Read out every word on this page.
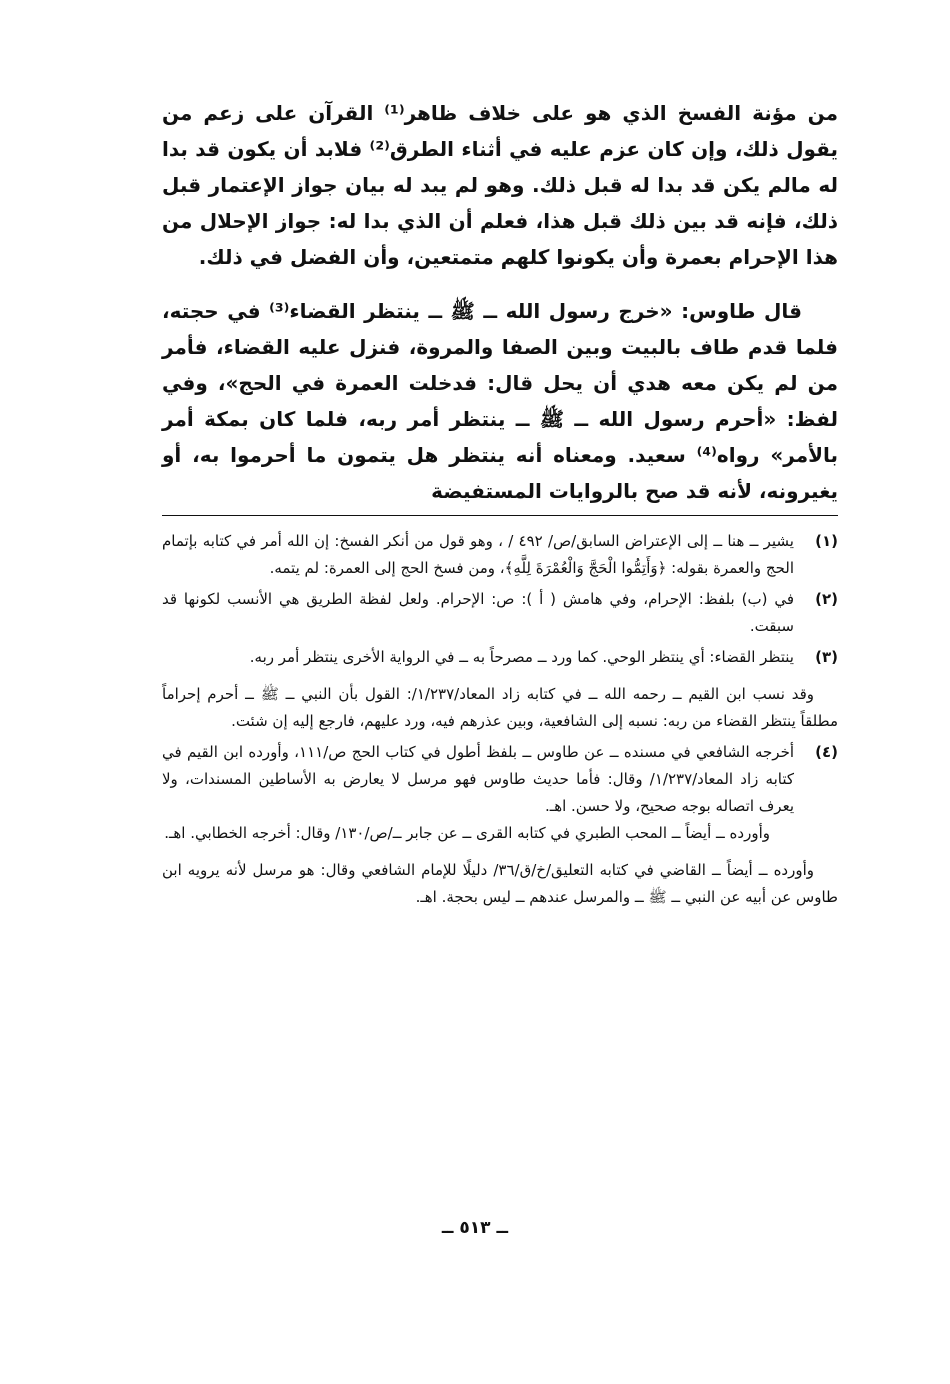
من مؤنة الفسخ الذي هو على خلاف ظاهر⁽¹⁾ القرآن على زعم من يقول ذلك، وإن كان عزم عليه في أثناء الطرق⁽²⁾ فلابد أن يكون قد بدا له مالم يكن قد بدا له قبل ذلك. وهو لم يبد له بيان جواز الإعتمار قبل ذلك، فإنه قد بين ذلك قبل هذا، فعلم أن الذي بدا له: جواز الإحلال من هذا الإحرام بعمرة وأن يكونوا كلهم متمتعين، وأن الفضل في ذلك.

قال طاوس: «خرج رسول الله ــ ﷺ ــ ينتظر القضاء⁽³⁾ في حجته، فلما قدم طاف بالبيت وبين الصفا والمروة، فنزل عليه القضاء، فأمر من لم يكن معه هدي أن يحل قال: فدخلت العمرة في الحج»، وفي لفظ: «أحرم رسول الله ــ ﷺ ــ ينتظر أمر ربه، فلما كان بمكة أمر بالأمر» رواه⁽⁴⁾ سعيد. ومعناه أنه ينتظر هل يتمون ما أحرموا به، أو يغيرونه، لأنه قد صح بالروايات المستفيضة

(١)

يشير ــ هنا ــ إلى الإعتراض السابق/ص/ ٤٩٢ / ، وهو قول من أنكر الفسخ: إن الله أمر في كتابه بإتمام الحج والعمرة بقوله: ﴿وَأَتِمُّوا الْحَجَّ وَالْعُمْرَةَ لِلَّهِ﴾، ومن فسخ الحج إلى العمرة: لم يتمه.

(٢)

في (ب) بلفظ: الإحرام، وفي هامش ( أ ): ص: الإحرام. ولعل لفظة الطريق هي الأنسب لكونها قد سبقت.

(٣)

ينتظر القضاء: أي ينتظر الوحي. كما ورد ــ مصرحاً به ــ في الرواية الأخرى ينتظر أمر ربه.

وقد نسب ابن القيم ــ رحمه الله ــ في كتابه زاد المعاد/١/٢٣٧/: القول بأن النبي ــ ﷺ ــ أحرم إحراماً مطلقاً ينتظر القضاء من ربه: نسبه إلى الشافعية، وبين عذرهم فيه، ورد عليهم، فارجع إليه إن شئت.

(٤)

أخرجه الشافعي في مسنده ــ عن طاوس ــ بلفظ أطول في كتاب الحج ص/١١١، وأورده ابن القيم في كتابه زاد المعاد/١/٢٣٧/ وقال: فأما حديث طاوس فهو مرسل لا يعارض به الأساطين المسندات، ولا يعرف اتصاله بوجه صحيح، ولا حسن. اهـ.

وأورده ــ أيضاً ــ المحب الطبري في كتابه القرى ــ عن جابر ــ/ص/١٣٠/ وقال: أخرجه الخطابي. اهـ.

وأورده ــ أيضاً ــ القاضي في كتابه التعليق/خ/ق/٣٦/ دليلًا للإمام الشافعي وقال: هو مرسل لأنه يرويه ابن طاوس عن أبيه عن النبي ــ ﷺ ــ والمرسل عندهم ــ ليس بحجة. اهـ.

ــ ٥١٣ ــ
